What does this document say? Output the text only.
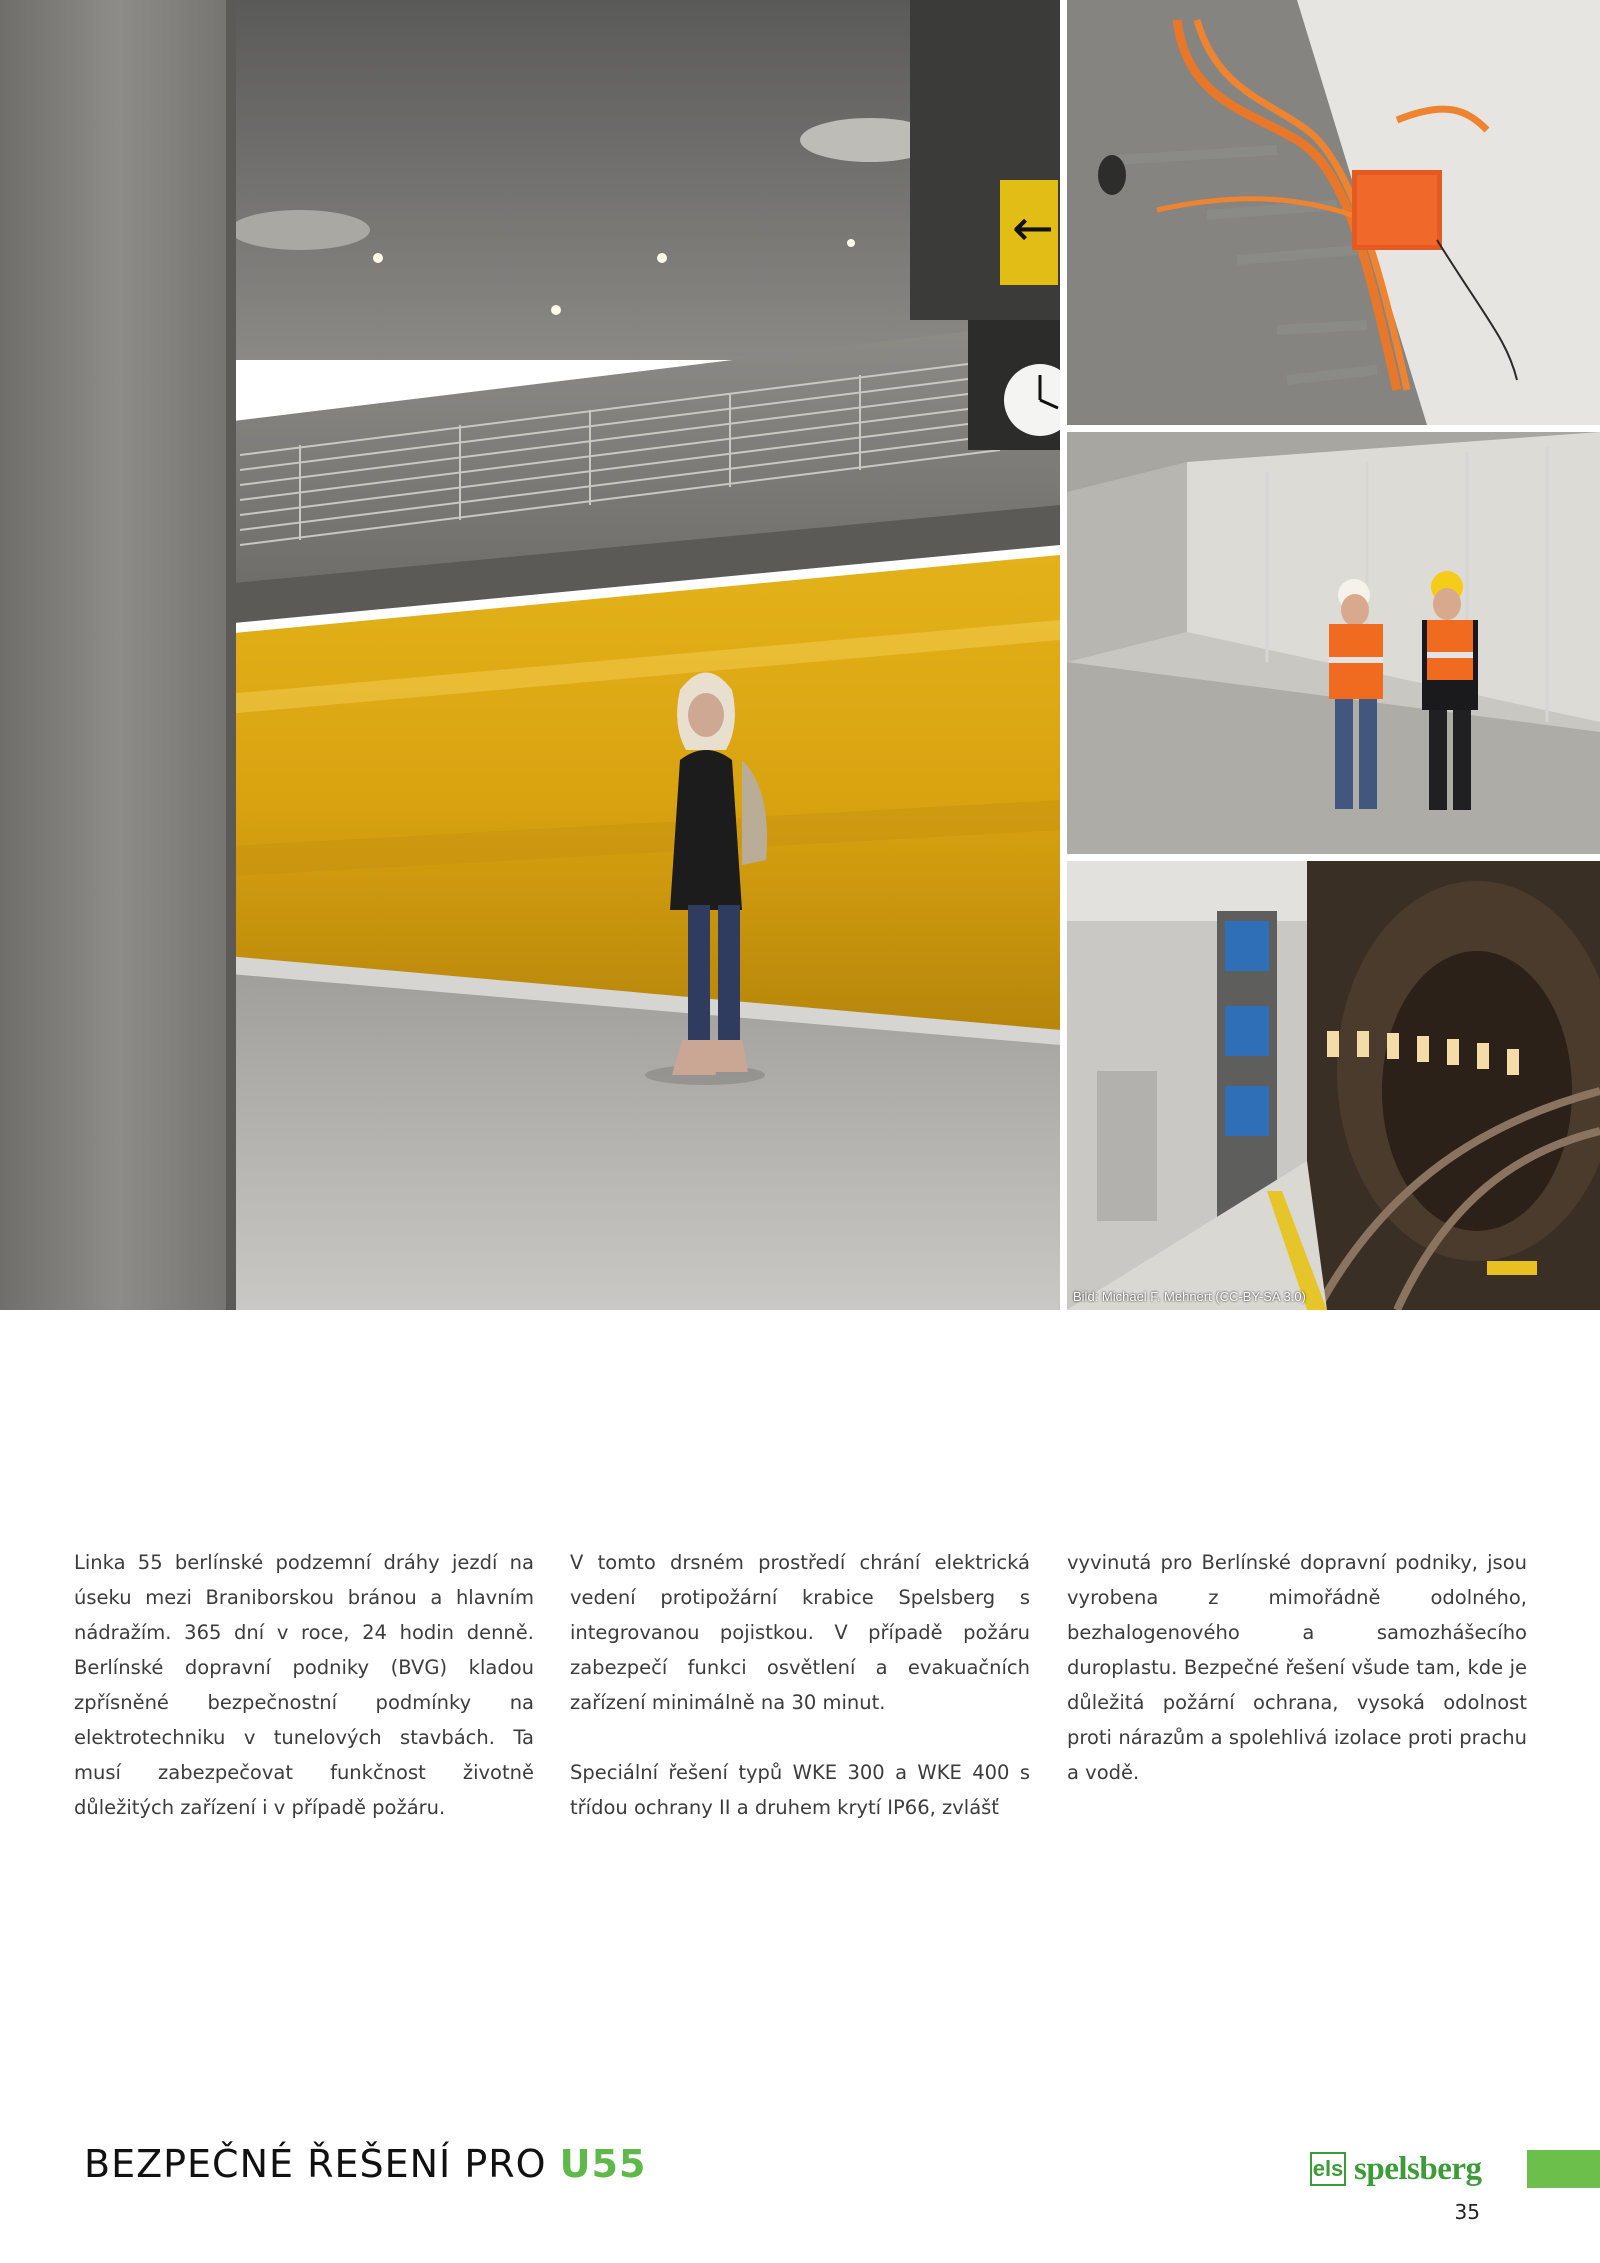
←
Bild: Michael F. Mehnert (CC-BY-SA 3.0)

Linka 55 berlínské podzemní dráhy jezdí na úseku mezi Braniborskou bránou a hlavním nádražím. 365 dní v roce, 24 hodin denně. Berlínské dopravní podniky (BVG) kladou zpřísněné bezpečnostní podmínky na elektrotechniku v tunelových stavbách. Ta musí zabezpečovat funkčnost životně důležitých zařízení i v případě požáru.

V tomto drsném prostředí chrání elektrická vedení protipožární krabice Spelsberg s integrovanou pojistkou. V případě požáru zabezpečí funkci osvětlení a evakuačních zařízení minimálně na 30 minut.

Speciální řešení typů WKE 300 a WKE 400 s třídou ochrany II a druhem krytí IP66, zvlášť

vyvinutá pro Berlínské dopravní podniky, jsou vyrobena z mimořádně odolného, bezhalogenového a samozhášecího duroplastu. Bezpečné řešení všude tam, kde je důležitá požární ochrana, vysoká odolnost proti nárazům a spolehlivá izolace proti prachu a vodě.

BEZPEČNÉ ŘEŠENÍ PRO U55	els spelsberg
35
